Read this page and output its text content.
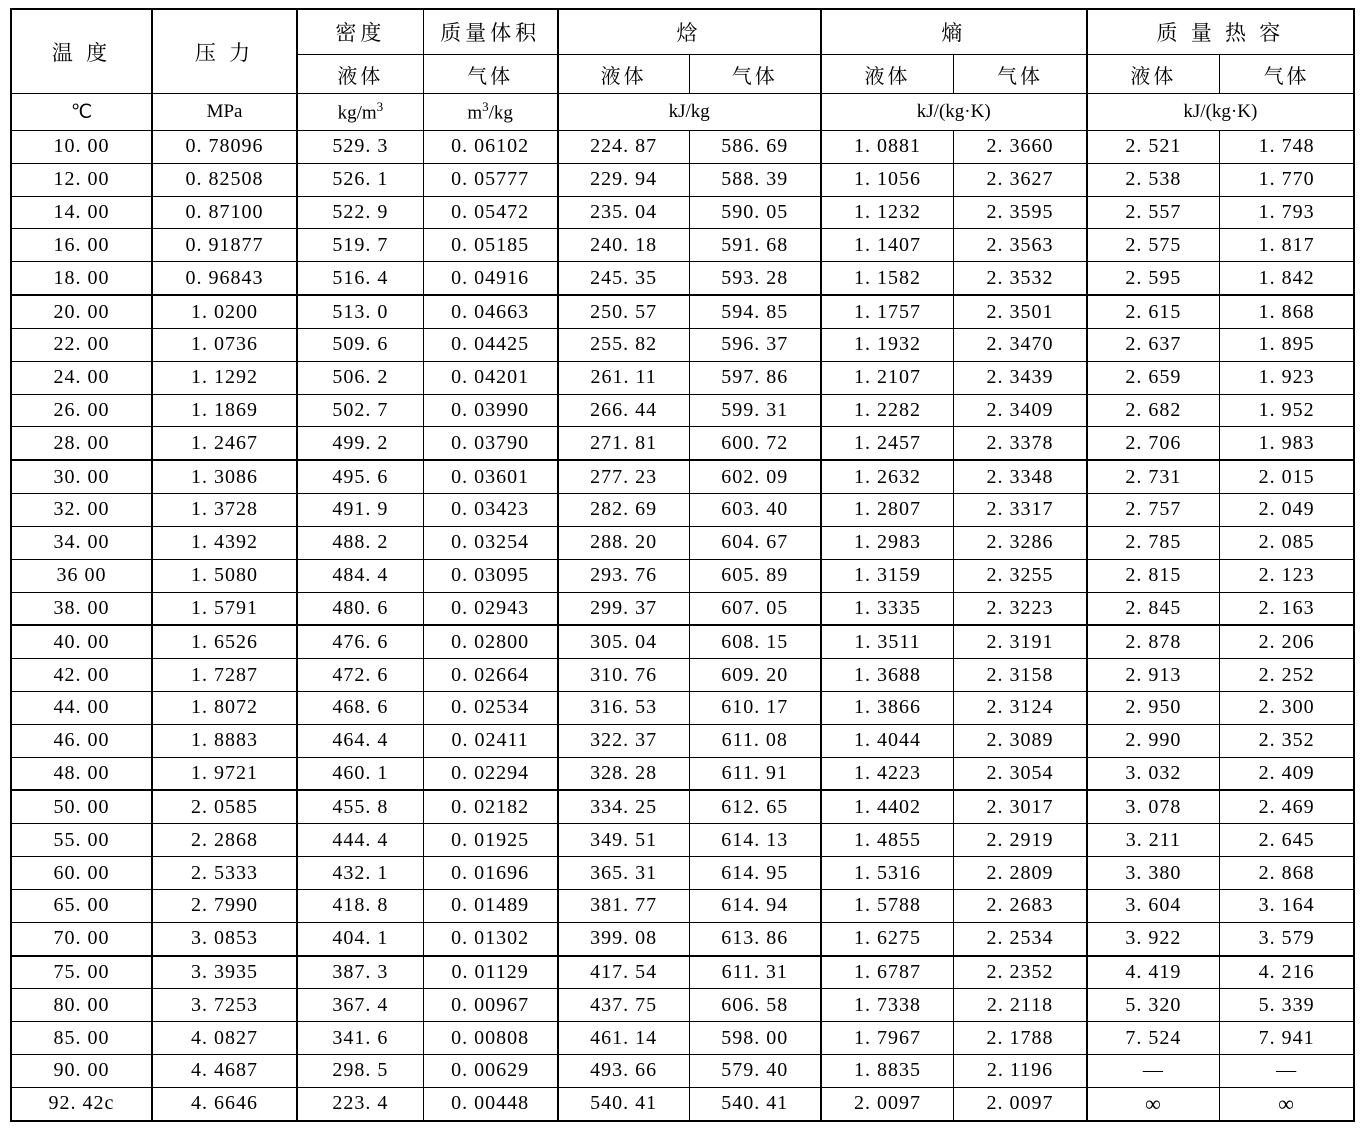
温 度	压 力	密度	质量体积	焓		熵		质 量 热 容	
		液体	气体	液体	气体	液体	气体	液体	气体
℃	MPa	$kg/m^3$	$m^3/kg$	kJ/kg		kJ/(kg·K)		kJ/(kg·K)	
10. 00	0. 78096	529. 3	0. 06102	224. 87	586. 69	1. 0881	2. 3660	2. 521	1. 748
12. 00	0. 82508	526. 1	0. 05777	229. 94	588. 39	1. 1056	2. 3627	2. 538	1. 770
14. 00	0. 87100	522. 9	0. 05472	235. 04	590. 05	1. 1232	2. 3595	2. 557	1. 793
16. 00	0. 91877	519. 7	0. 05185	240. 18	591. 68	1. 1407	2. 3563	2. 575	1. 817
18. 00	0. 96843	516. 4	0. 04916	245. 35	593. 28	1. 1582	2. 3532	2. 595	1. 842
20. 00	1. 0200	513. 0	0. 04663	250. 57	594. 85	1. 1757	2. 3501	2. 615	1. 868
22. 00	1. 0736	509. 6	0. 04425	255. 82	596. 37	1. 1932	2. 3470	2. 637	1. 895
24. 00	1. 1292	506. 2	0. 04201	261. 11	597. 86	1. 2107	2. 3439	2. 659	1. 923
26. 00	1. 1869	502. 7	0. 03990	266. 44	599. 31	1. 2282	2. 3409	2. 682	1. 952
28. 00	1. 2467	499. 2	0. 03790	271. 81	600. 72	1. 2457	2. 3378	2. 706	1. 983
30. 00	1. 3086	495. 6	0. 03601	277. 23	602. 09	1. 2632	2. 3348	2. 731	2. 015
32. 00	1. 3728	491. 9	0. 03423	282. 69	603. 40	1. 2807	2. 3317	2. 757	2. 049
34. 00	1. 4392	488. 2	0. 03254	288. 20	604. 67	1. 2983	2. 3286	2. 785	2. 085
36 00	1. 5080	484. 4	0. 03095	293. 76	605. 89	1. 3159	2. 3255	2. 815	2. 123
38. 00	1. 5791	480. 6	0. 02943	299. 37	607. 05	1. 3335	2. 3223	2. 845	2. 163
40. 00	1. 6526	476. 6	0. 02800	305. 04	608. 15	1. 3511	2. 3191	2. 878	2. 206
42. 00	1. 7287	472. 6	0. 02664	310. 76	609. 20	1. 3688	2. 3158	2. 913	2. 252
44. 00	1. 8072	468. 6	0. 02534	316. 53	610. 17	1. 3866	2. 3124	2. 950	2. 300
46. 00	1. 8883	464. 4	0. 02411	322. 37	611. 08	1. 4044	2. 3089	2. 990	2. 352
48. 00	1. 9721	460. 1	0. 02294	328. 28	611. 91	1. 4223	2. 3054	3. 032	2. 409
50. 00	2. 0585	455. 8	0. 02182	334. 25	612. 65	1. 4402	2. 3017	3. 078	2. 469
55. 00	2. 2868	444. 4	0. 01925	349. 51	614. 13	1. 4855	2. 2919	3. 211	2. 645
60. 00	2. 5333	432. 1	0. 01696	365. 31	614. 95	1. 5316	2. 2809	3. 380	2. 868
65. 00	2. 7990	418. 8	0. 01489	381. 77	614. 94	1. 5788	2. 2683	3. 604	3. 164
70. 00	3. 0853	404. 1	0. 01302	399. 08	613. 86	1. 6275	2. 2534	3. 922	3. 579
75. 00	3. 3935	387. 3	0. 01129	417. 54	611. 31	1. 6787	2. 2352	4. 419	4. 216
80. 00	3. 7253	367. 4	0. 00967	437. 75	606. 58	1. 7338	2. 2118	5. 320	5. 339
85. 00	4. 0827	341. 6	0. 00808	461. 14	598. 00	1. 7967	2. 1788	7. 524	7. 941
90. 00	4. 4687	298. 5	0. 00629	493. 66	579. 40	1. 8835	2. 1196	—	—
92. 42c	4. 6646	223. 4	0. 00448	540. 41	540. 41	2. 0097	2. 0097	∞	∞
